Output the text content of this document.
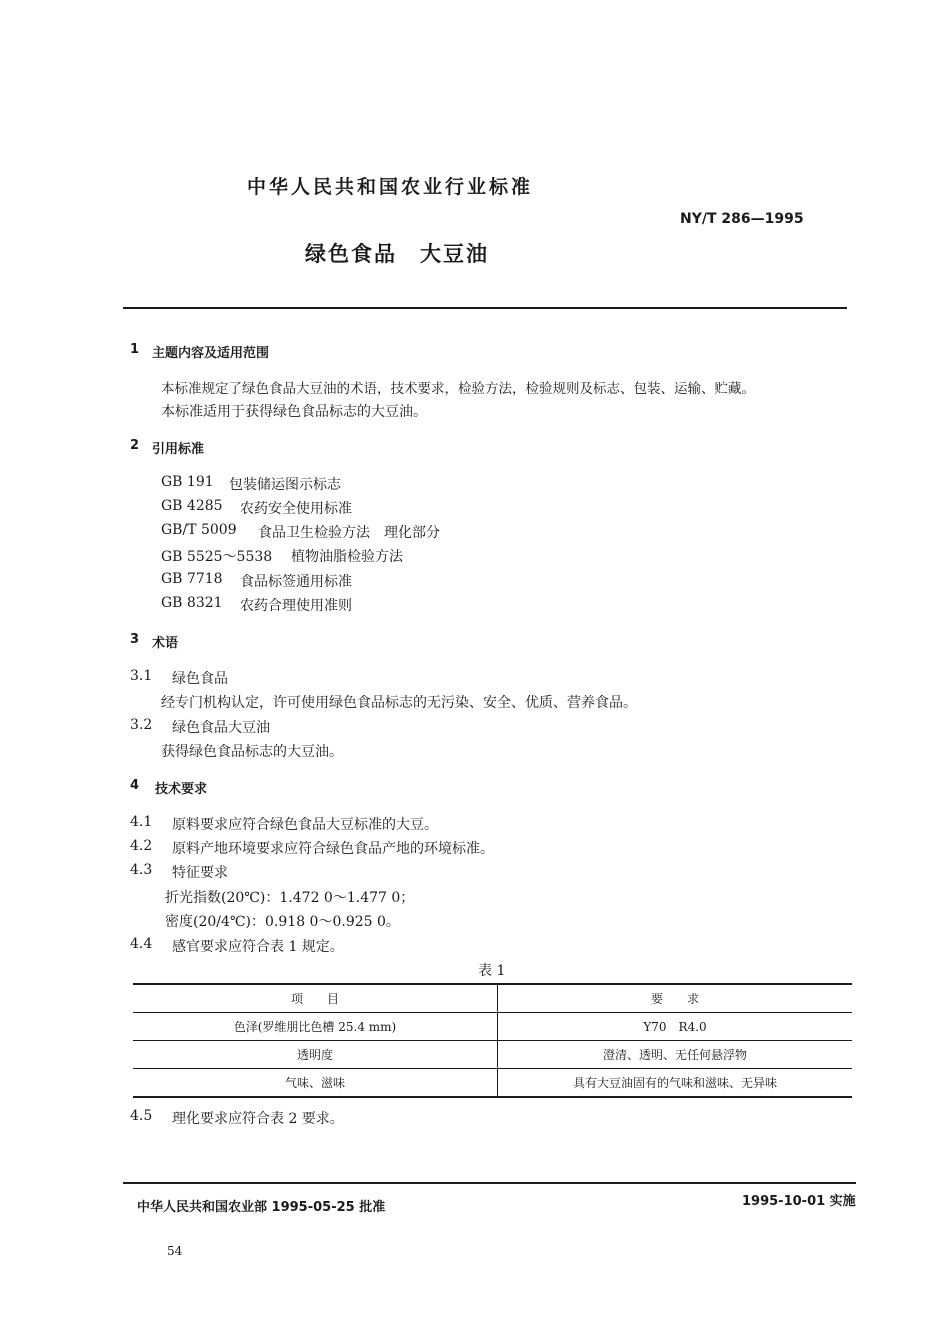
中华人民共和国农业行业标准
NY/T 286—1995
绿色食品　大豆油
1 主题内容及适用范围
本标准规定了绿色食品大豆油的术语，技术要求，检验方法，检验规则及标志、包装、运输、贮藏。
本标准适用于获得绿色食品标志的大豆油。
2 引用标准
GB 191 包装储运图示标志
GB 4285 农药安全使用标准
GB/T 5009 食品卫生检验方法　理化部分
GB 5525～5538 植物油脂检验方法
GB 7718 食品标签通用标准
GB 8321 农药合理使用准则
3 术语
3.1 绿色食品
经专门机构认定，许可使用绿色食品标志的无污染、安全、优质、营养食品。
3.2 绿色食品大豆油
获得绿色食品标志的大豆油。
4 技术要求
4.1 原料要求应符合绿色食品大豆标准的大豆。
4.2 原料产地环境要求应符合绿色食品产地的环境标准。
4.3 特征要求
折光指数(20℃)：1.472 0～1.477 0；
密度(20/4℃)：0.918 0～0.925 0。
4.4 感官要求应符合表 1 规定。
表 1
项　　目	要　　求
色泽(罗维朋比色槽 25.4 mm)	Y70　R4.0
透明度	澄清、透明、无任何悬浮物
气味、滋味	具有大豆油固有的气味和滋味、无异味
4.5 理化要求应符合表 2 要求。
中华人民共和国农业部 1995-05-25 批准	1995-10-01 实施
54
